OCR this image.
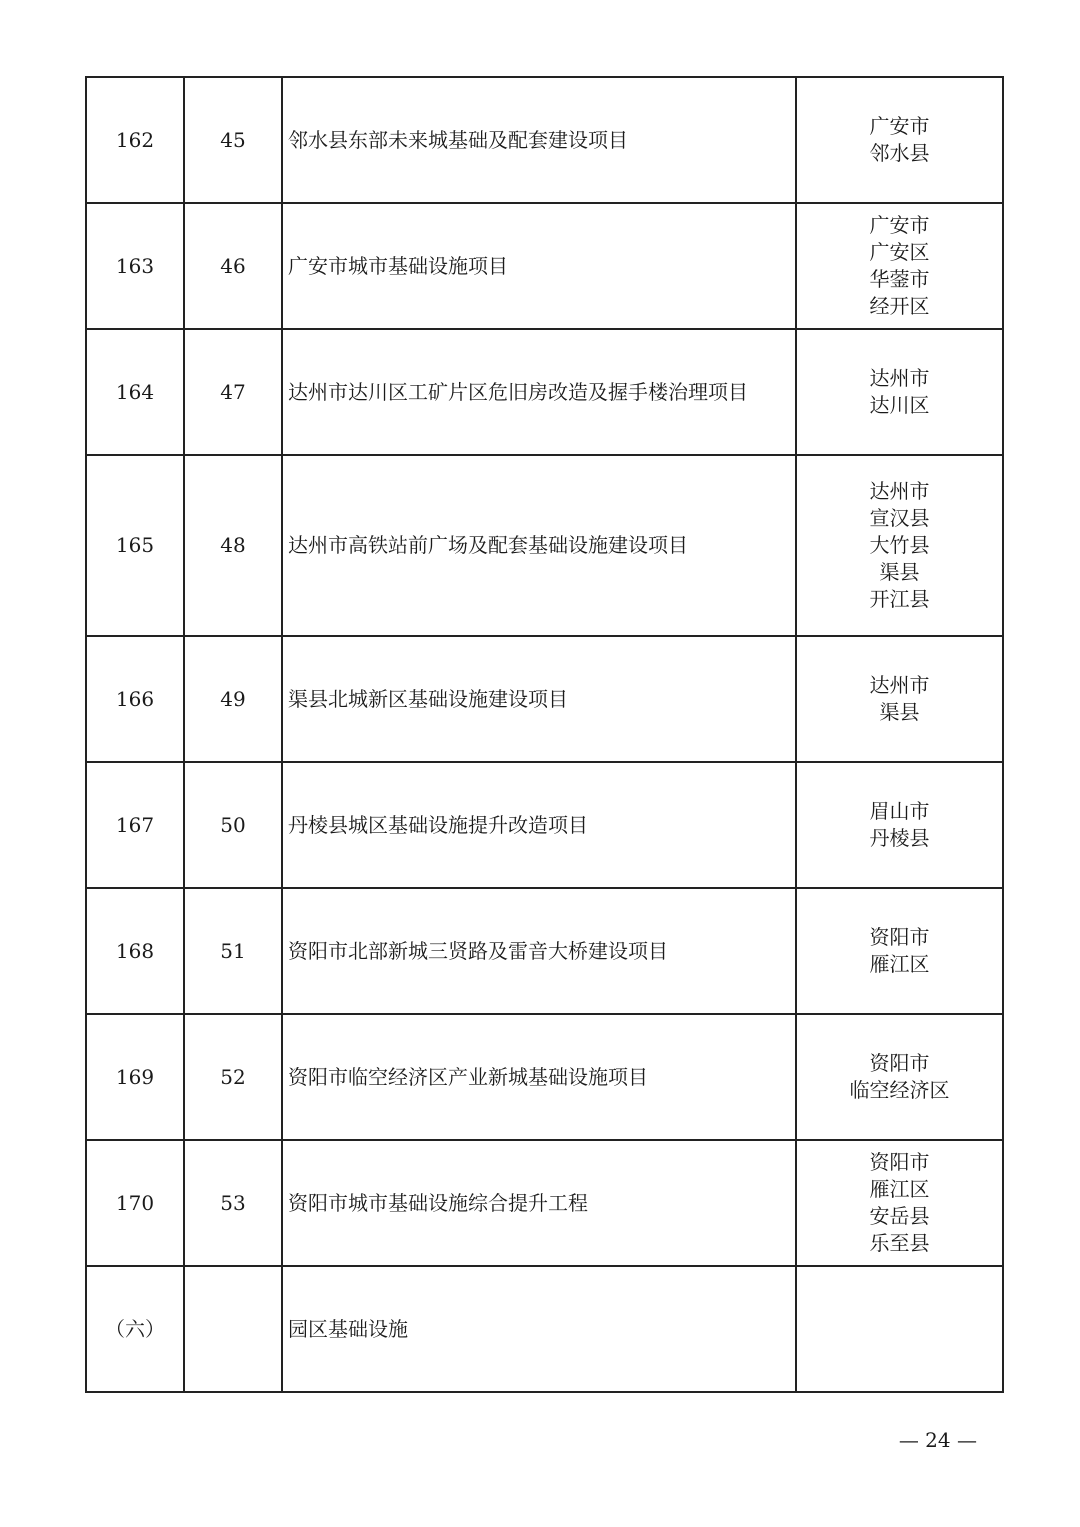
162	45	邻水县东部未来城基础及配套建设项目	广安市
邻水县

163	46	广安市城市基础设施项目	广安市
广安区
华蓥市
经开区

164	47	达州市达川区工矿片区危旧房改造及握手楼治理项目	达州市
达川区

165	48	达州市高铁站前广场及配套基础设施建设项目	达州市
宣汉县
大竹县
渠县
开江县

166	49	渠县北城新区基础设施建设项目	达州市
渠县

167	50	丹棱县城区基础设施提升改造项目	眉山市
丹棱县

168	51	资阳市北部新城三贤路及雷音大桥建设项目	资阳市
雁江区

169	52	资阳市临空经济区产业新城基础设施项目	资阳市
临空经济区

170	53	资阳市城市基础设施综合提升工程	资阳市
雁江区
安岳县
乐至县

（六）		园区基础设施	
— 24 —
